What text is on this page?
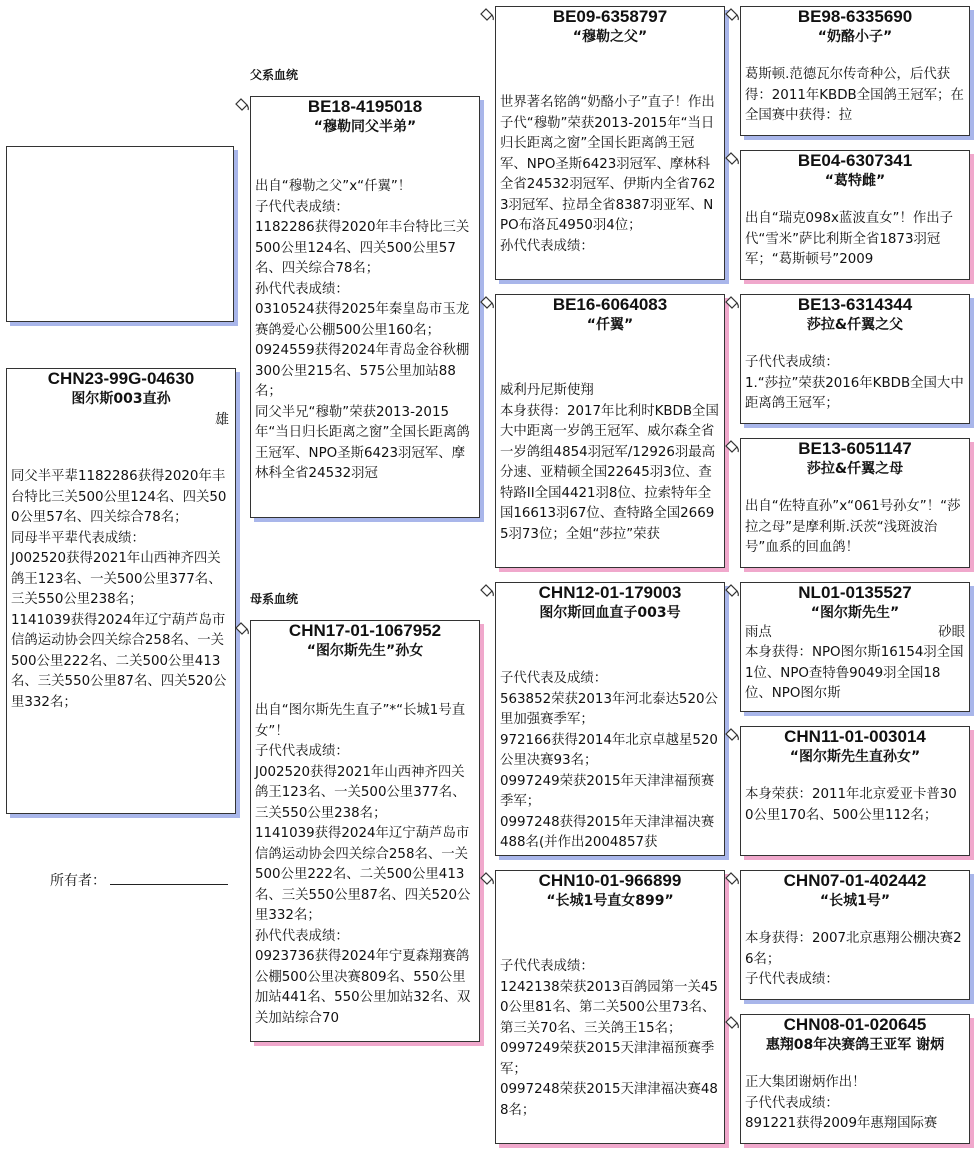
父系血统
母系血统
所有者：
CHN23-99G-04630
图尔斯003直孙
雄
同父半平辈1182286获得2020年丰台特比三关500公里124名、四关500公里57名、四关综合78名；
同母半平辈代表成绩：
J002520获得2021年山西神齐四关鸽王123名、一关500公里377名、三关550公里238名；
1141039获得2024年辽宁葫芦岛市信鸽运动协会四关综合258名、一关500公里222名、二关500公里413名、三关550公里87名、四关520公里332名；
BE18-4195018
“穆勒同父半弟”
出自“穆勒之父”x“仟翼”！
子代代表成绩：
1182286获得2020年丰台特比三关500公里124名、四关500公里57名、四关综合78名；
孙代代表成绩：
0310524获得2025年秦皇岛市玉龙赛鸽爱心公棚500公里160名；
0924559获得2024年青岛金谷秋棚300公里215名、575公里加站88名；
同父半兄“穆勒”荣获2013-2015年“当日归长距离之窗”全国长距离鸽王冠军、NPO圣斯6423羽冠军、摩林科全省24532羽冠
CHN17-01-1067952
“图尔斯先生”孙女
出自“图尔斯先生直子”*“长城1号直女”！
子代代表成绩：
J002520获得2021年山西神齐四关鸽王123名、一关500公里377名、三关550公里238名；
1141039获得2024年辽宁葫芦岛市信鸽运动协会四关综合258名、一关500公里222名、二关500公里413名、三关550公里87名、四关520公里332名；
孙代代表成绩：
0923736获得2024年宁夏森翔赛鸽公棚500公里决赛809名、550公里加站441名、550公里加站32名、双关加站综合70
BE09-6358797
“穆勒之父”
世界著名铭鸽“奶酪小子”直子！作出子代“穆勒”荣获2013-2015年“当日归长距离之窗”全国长距离鸽王冠军、NPO圣斯6423羽冠军、摩林科全省24532羽冠军、伊斯内全省7623羽冠军、拉昂全省8387羽亚军、NPO布洛瓦4950羽4位；
孙代代表成绩：
BE16-6064083
“仟翼”
威利丹尼斯使翔
本身获得：2017年比利时KBDB全国大中距离一岁鸽王冠军、威尔森全省一岁鸽组4854羽冠军/12926羽最高分速、亚精顿全国22645羽3位、查特路II全国4421羽8位、拉索特年全国16613羽67位、查特路全国26695羽73位；全姐“莎拉”荣获
CHN12-01-179003
图尔斯回血直子003号
子代代表及成绩：
563852荣获2013年河北泰达520公里加强赛季军；
972166获得2014年北京卓越星520公里决赛93名；
0997249荣获2015年天津津福预赛季军；
0997248获得2015年天津津福决赛488名(并作出2004857获
CHN10-01-966899
“长城1号直女899”
子代代表成绩：
1242138荣获2013百鸽园第一关450公里81名、第二关500公里73名、第三关70名、三关鸽王15名；
0997249荣获2015天津津福预赛季军；
0997248荣获2015天津津福决赛488名；
BE98-6335690
“奶酪小子”
葛斯顿.范德瓦尔传奇种公，后代获得：2011年KBDB全国鸽王冠军；在全国赛中获得：拉
BE04-6307341
“葛特雌”
出自“瑞克098x蓝波直女”！作出子代“雪米”萨比利斯全省1873羽冠军；“葛斯顿号”2009
BE13-6314344
莎拉&仟翼之父
子代代表成绩：
1.“莎拉”荣获2016年KBDB全国大中距离鸽王冠军；
BE13-6051147
莎拉&仟翼之母
出自“佐特直孙”x“061号孙女”！“莎拉之母”是摩利斯.沃茨“浅斑波治号”血系的回血鸽！
NL01-0135527
“图尔斯先生”
雨点	砂眼
本身获得：NPO图尔斯16154羽全国1位、NPO查特鲁9049羽全国18位、NPO图尔斯
CHN11-01-003014
“图尔斯先生直孙女”
本身荣获：2011年北京爱亚卡普300公里170名、500公里112名；
CHN07-01-402442
“长城1号”
本身获得：2007北京惠翔公棚决赛26名；
子代代表成绩：
CHN08-01-020645
惠翔08年决赛鸽王亚军 谢炳
正大集团谢炳作出！
子代代表成绩：
891221获得2009年惠翔国际赛
